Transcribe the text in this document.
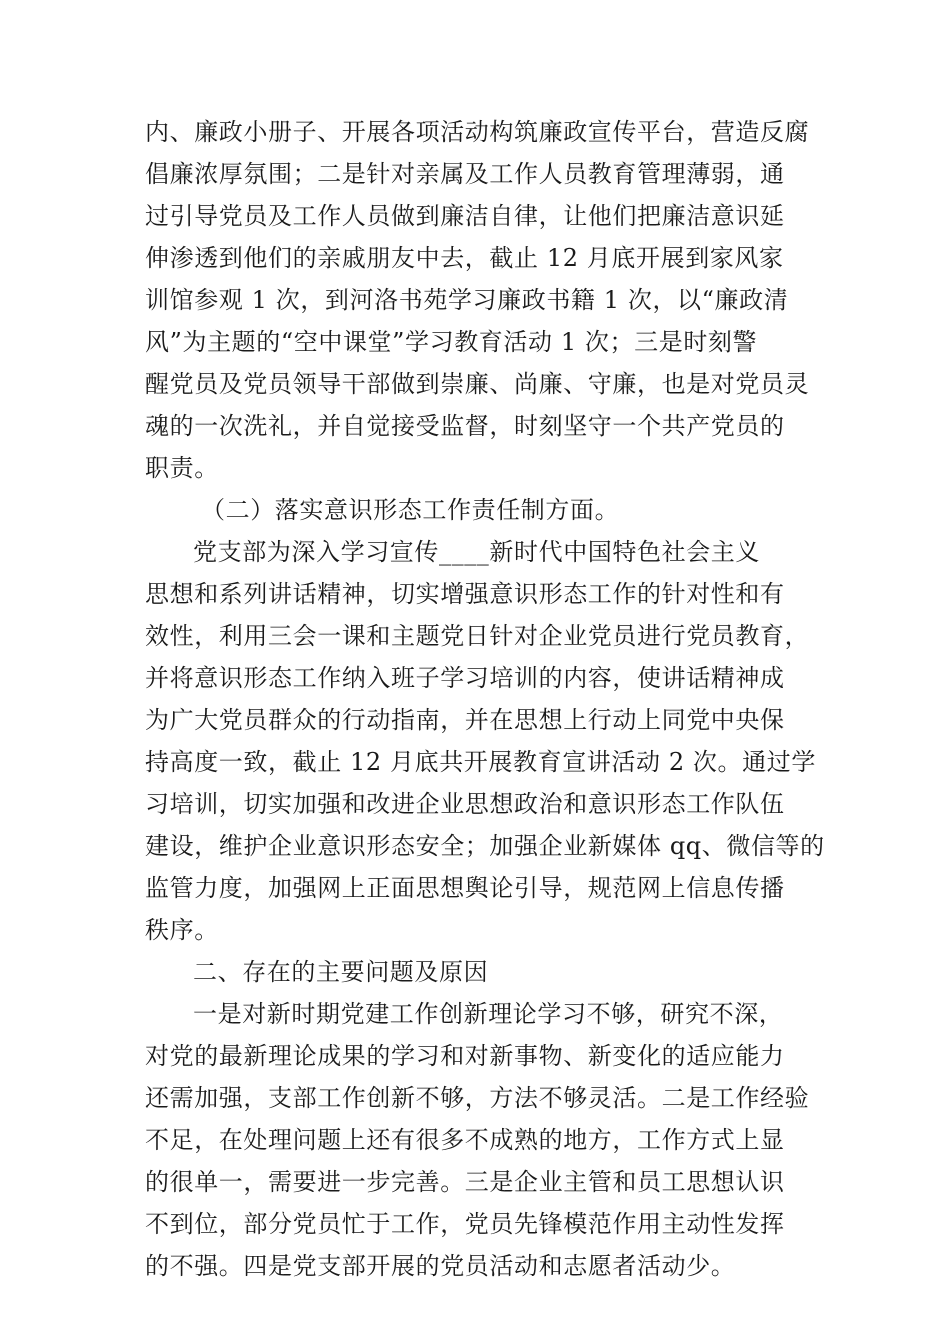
内、廉政小册子、开展各项活动构筑廉政宣传平台，营造反腐
倡廉浓厚氛围；二是针对亲属及工作人员教育管理薄弱，通
过引导党员及工作人员做到廉洁自律，让他们把廉洁意识延
伸渗透到他们的亲戚朋友中去，截止 12 月底开展到家风家
训馆参观 1 次，到河洛书苑学习廉政书籍 1 次，以“廉政清
风”为主题的“空中课堂”学习教育活动 1 次；三是时刻警
醒党员及党员领导干部做到崇廉、尚廉、守廉，也是对党员灵
魂的一次洗礼，并自觉接受监督，时刻坚守一个共产党员的
职责。
（二）落实意识形态工作责任制方面。
党支部为深入学习宣传____新时代中国特色社会主义
思想和系列讲话精神，切实增强意识形态工作的针对性和有
效性，利用三会一课和主题党日针对企业党员进行党员教育，
并将意识形态工作纳入班子学习培训的内容，使讲话精神成
为广大党员群众的行动指南，并在思想上行动上同党中央保
持高度一致，截止 12 月底共开展教育宣讲活动 2 次。通过学
习培训，切实加强和改进企业思想政治和意识形态工作队伍
建设，维护企业意识形态安全；加强企业新媒体 qq、微信等的
监管力度，加强网上正面思想舆论引导，规范网上信息传播
秩序。
二、存在的主要问题及原因
一是对新时期党建工作创新理论学习不够，研究不深，
对党的最新理论成果的学习和对新事物、新变化的适应能力
还需加强，支部工作创新不够，方法不够灵活。二是工作经验
不足，在处理问题上还有很多不成熟的地方，工作方式上显
的很单一，需要进一步完善。三是企业主管和员工思想认识
不到位，部分党员忙于工作，党员先锋模范作用主动性发挥
的不强。四是党支部开展的党员活动和志愿者活动少。
